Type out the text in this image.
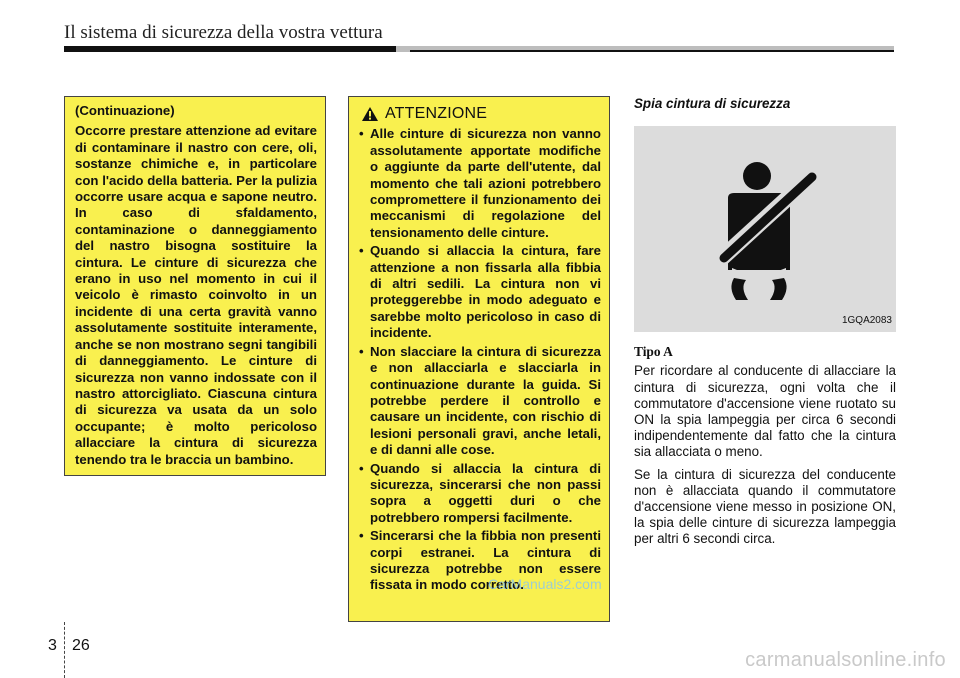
Il sistema di sicurezza della vostra vettura

(Continuazione)

Occorre prestare attenzione ad evitare di contaminare il nastro con cere, oli, sostanze chimiche e, in particolare con l'acido della batteria. Per la pulizia occorre usare acqua e sapone neutro. In caso di sfaldamento, contaminazione o danneggiamento del nastro bisogna sostituire la cintura. Le cinture di sicurezza che erano in uso nel momento in cui il veicolo è rimasto coinvolto in un incidente di una certa gravità vanno assolutamente sostituite interamente, anche se non mostrano segni tangibili di danneggiamento. Le cinture di sicurezza non vanno indossate con il nastro attorcigliato. Ciascuna cintura di sicurezza va usata da un solo occupante; è molto pericoloso allacciare la cintura di sicurezza tenendo tra le braccia un bambino.

ATTENZIONE
• Alle cinture di sicurezza non vanno assolutamente apportate modifiche o aggiunte da parte dell'utente, dal momento che tali azioni potrebbero compromettere il funzionamento dei meccanismi di regolazione del tensionamento delle cinture.
• Quando si allaccia la cintura, fare attenzione a non fissarla alla fibbia di altri sedili. La cintura non vi proteggerebbe in modo adeguato e sarebbe molto pericoloso in caso di incidente.
• Non slacciare la cintura di sicurezza e non allacciarla e slacciarla in continuazione durante la guida. Si potrebbe perdere il controllo e causare un incidente, con rischio di lesioni personali gravi, anche letali, e di danni alle cose.
• Quando si allaccia la cintura di sicurezza, sincerarsi che non passi sopra a oggetti duri o che potrebbero rompersi facilmente.
• Sincerarsi che la fibbia non presenti corpi estranei. La cintura di sicurezza potrebbe non essere fissata in modo corretto.

Spia cintura di sicurezza

1GQA2083

Tipo A

Per ricordare al conducente di allacciare la cintura di sicurezza, ogni volta che il commutatore d'accensione viene ruotato su ON la spia lampeggia per circa 6 secondi indipendentemente dal fatto che la cintura sia allacciata o meno.

Se la cintura di sicurezza del conducente non è allacciata quando il commutatore d'accensione viene messo in posizione ON, la spia delle cinture di sicurezza lampeggia per altri 6 secondi circa.

CarManuals2.com
3 26
carmanualsonline.info
